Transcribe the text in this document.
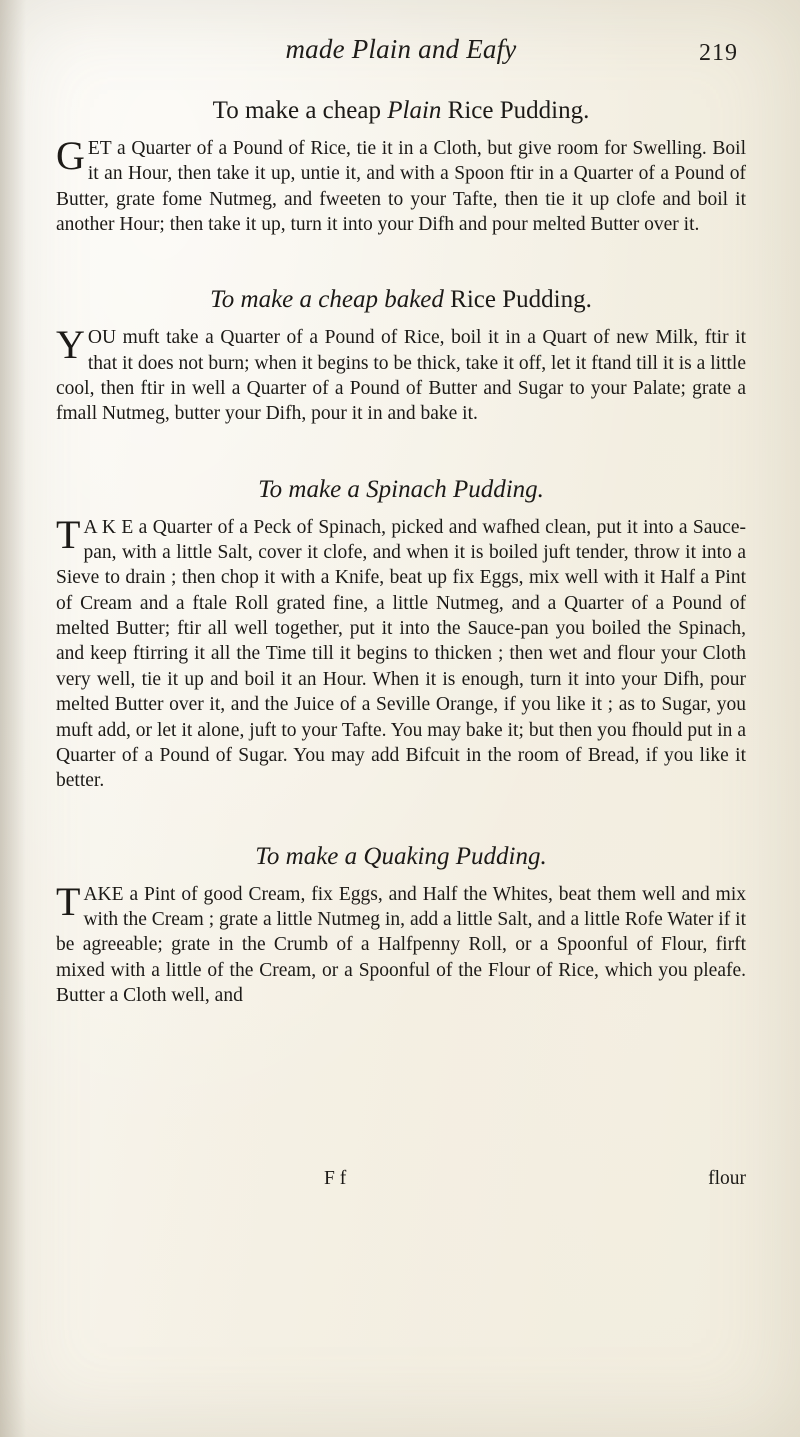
made Plain and Eafy	219
To make a cheap Plain Rice Pudding.
GET a Quarter of a Pound of Rice, tie it in a Cloth, but give room for Swelling. Boil it an Hour, then take it up, untie it, and with a Spoon ftir in a Quarter of a Pound of Butter, grate fome Nutmeg, and fweeten to your Tafte, then tie it up clofe and boil it another Hour; then take it up, turn it into your Difh and pour melted Butter over it.
To make a cheap baked Rice Pudding.
YOU muft take a Quarter of a Pound of Rice, boil it in a Quart of new Milk, ftir it that it does not burn; when it begins to be thick, take it off, let it ftand till it is a little cool, then ftir in well a Quarter of a Pound of Butter and Sugar to your Palate; grate a fmall Nutmeg, butter your Difh, pour it in and bake it.
To make a Spinach Pudding.
T A K E a Quarter of a Peck of Spinach, picked and wafhed clean, put it into a Sauce-pan, with a little Salt, cover it clofe, and when it is boiled juft tender, throw it into a Sieve to drain ; then chop it with a Knife, beat up fix Eggs, mix well with it Half a Pint of Cream and a ftale Roll grated fine, a little Nutmeg, and a Quarter of a Pound of melted Butter; ftir all well together, put it into the Sauce-pan you boiled the Spinach, and keep ftirring it all the Time till it begins to thicken ; then wet and flour your Cloth very well, tie it up and boil it an Hour. When it is enough, turn it into your Difh, pour melted Butter over it, and the Juice of a Seville Orange, if you like it ; as to Sugar, you muft add, or let it alone, juft to your Tafte. You may bake it; but then you fhould put in a Quarter of a Pound of Sugar. You may add Bifcuit in the room of Bread, if you like it better.
To make a Quaking Pudding.
TAKE a Pint of good Cream, fix Eggs, and Half the Whites, beat them well and mix with the Cream ; grate a little Nutmeg in, add a little Salt, and a little Rofe Water if it be agreeable; grate in the Crumb of a Halfpenny Roll, or a Spoonful of Flour, firft mixed with a little of the Cream, or a Spoonful of the Flour of Rice, which you pleafe. Butter a Cloth well, and
F f	flour
